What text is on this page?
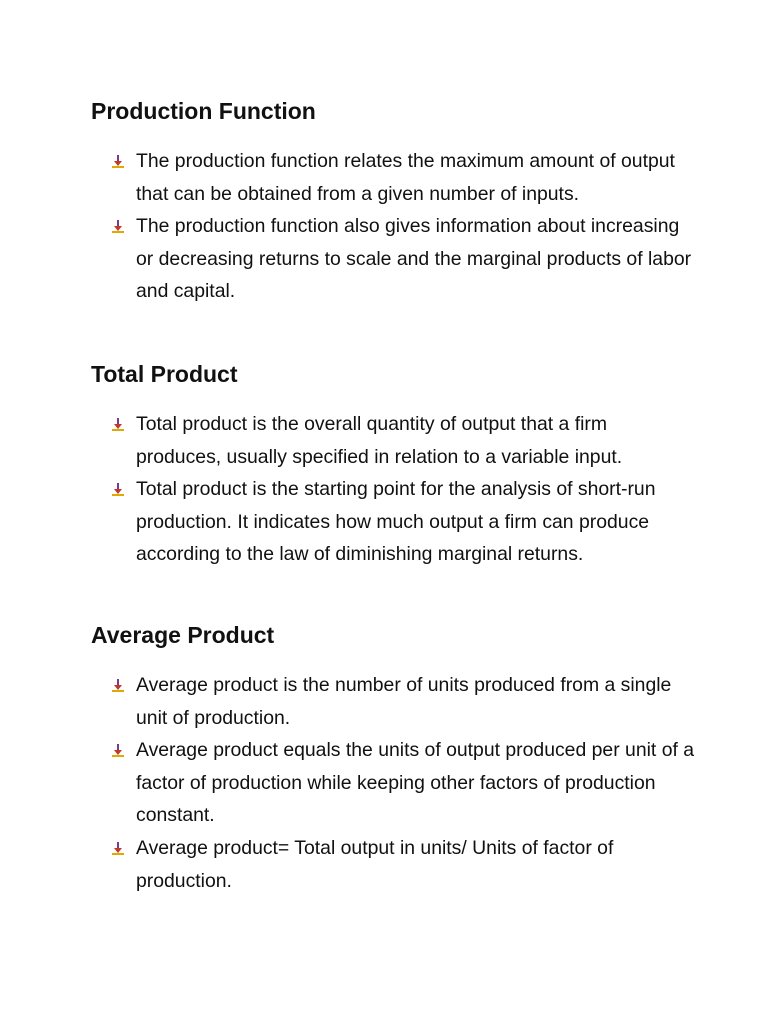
Production Function
The production function relates the maximum amount of output that can be obtained from a given number of inputs.
The production function also gives information about increasing or decreasing returns to scale and the marginal products of labor and capital.
Total Product
Total product is the overall quantity of output that a firm produces, usually specified in relation to a variable input.
Total product is the starting point for the analysis of short-run production. It indicates how much output a firm can produce according to the law of diminishing marginal returns.
Average Product
Average product is the number of units produced from a single unit of production.
Average product equals the units of output produced per unit of a factor of production while keeping other factors of production constant.
Average product= Total output in units/ Units of factor of production.
